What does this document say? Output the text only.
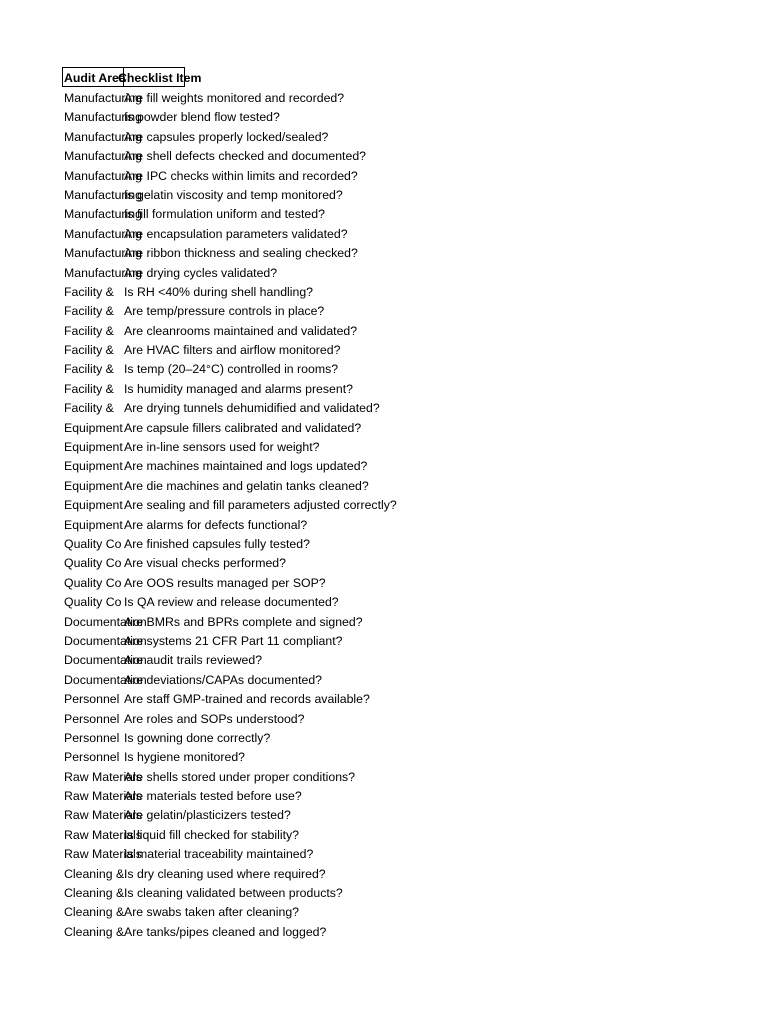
Audit Area
Checklist Item
Manufacturing
Are fill weights monitored and recorded?
Manufacturing
Is powder blend flow tested?
Manufacturing
Are capsules properly locked/sealed?
Manufacturing
Are shell defects checked and documented?
Manufacturing
Are IPC checks within limits and recorded?
Manufacturing
Is gelatin viscosity and temp monitored?
Manufacturing
Is fill formulation uniform and tested?
Manufacturing
Are encapsulation parameters validated?
Manufacturing
Are ribbon thickness and sealing checked?
Manufacturing
Are drying cycles validated?
Facility & Is RH <40% during shell handling?
Facility & Are temp/pressure controls in place?
Facility & Are cleanrooms maintained and validated?
Facility & Are HVAC filters and airflow monitored?
Facility & Is temp (20–24°C) controlled in rooms?
Facility & Is humidity managed and alarms present?
Facility & Are drying tunnels dehumidified and validated?
Equipment Are capsule fillers calibrated and validated?
Equipment Are in-line sensors used for weight?
Equipment Are machines maintained and logs updated?
Equipment Are die machines and gelatin tanks cleaned?
Equipment Are sealing and fill parameters adjusted correctly?
Equipment Are alarms for defects functional?
Quality Co Are finished capsules fully tested?
Quality Co Are visual checks performed?
Quality Co Are OOS results managed per SOP?
Quality Co Is QA review and release documented?
Documentation
Are BMRs and BPRs complete and signed?
Documentation
Are systems 21 CFR Part 11 compliant?
Documentation
Are audit trails reviewed?
Documentation
Are deviations/CAPAs documented?
Personnel Are staff GMP-trained and records available?
Personnel Are roles and SOPs understood?
Personnel Is gowning done correctly?
Personnel Is hygiene monitored?
Raw Materials
Are shells stored under proper conditions?
Raw Materials
Are materials tested before use?
Raw Materials
Are gelatin/plasticizers tested?
Raw Materials
Is liquid fill checked for stability?
Raw Materials
Is material traceability maintained?
Cleaning & Is dry cleaning used where required?
Cleaning & Is cleaning validated between products?
Cleaning & Are swabs taken after cleaning?
Cleaning & Are tanks/pipes cleaned and logged?
